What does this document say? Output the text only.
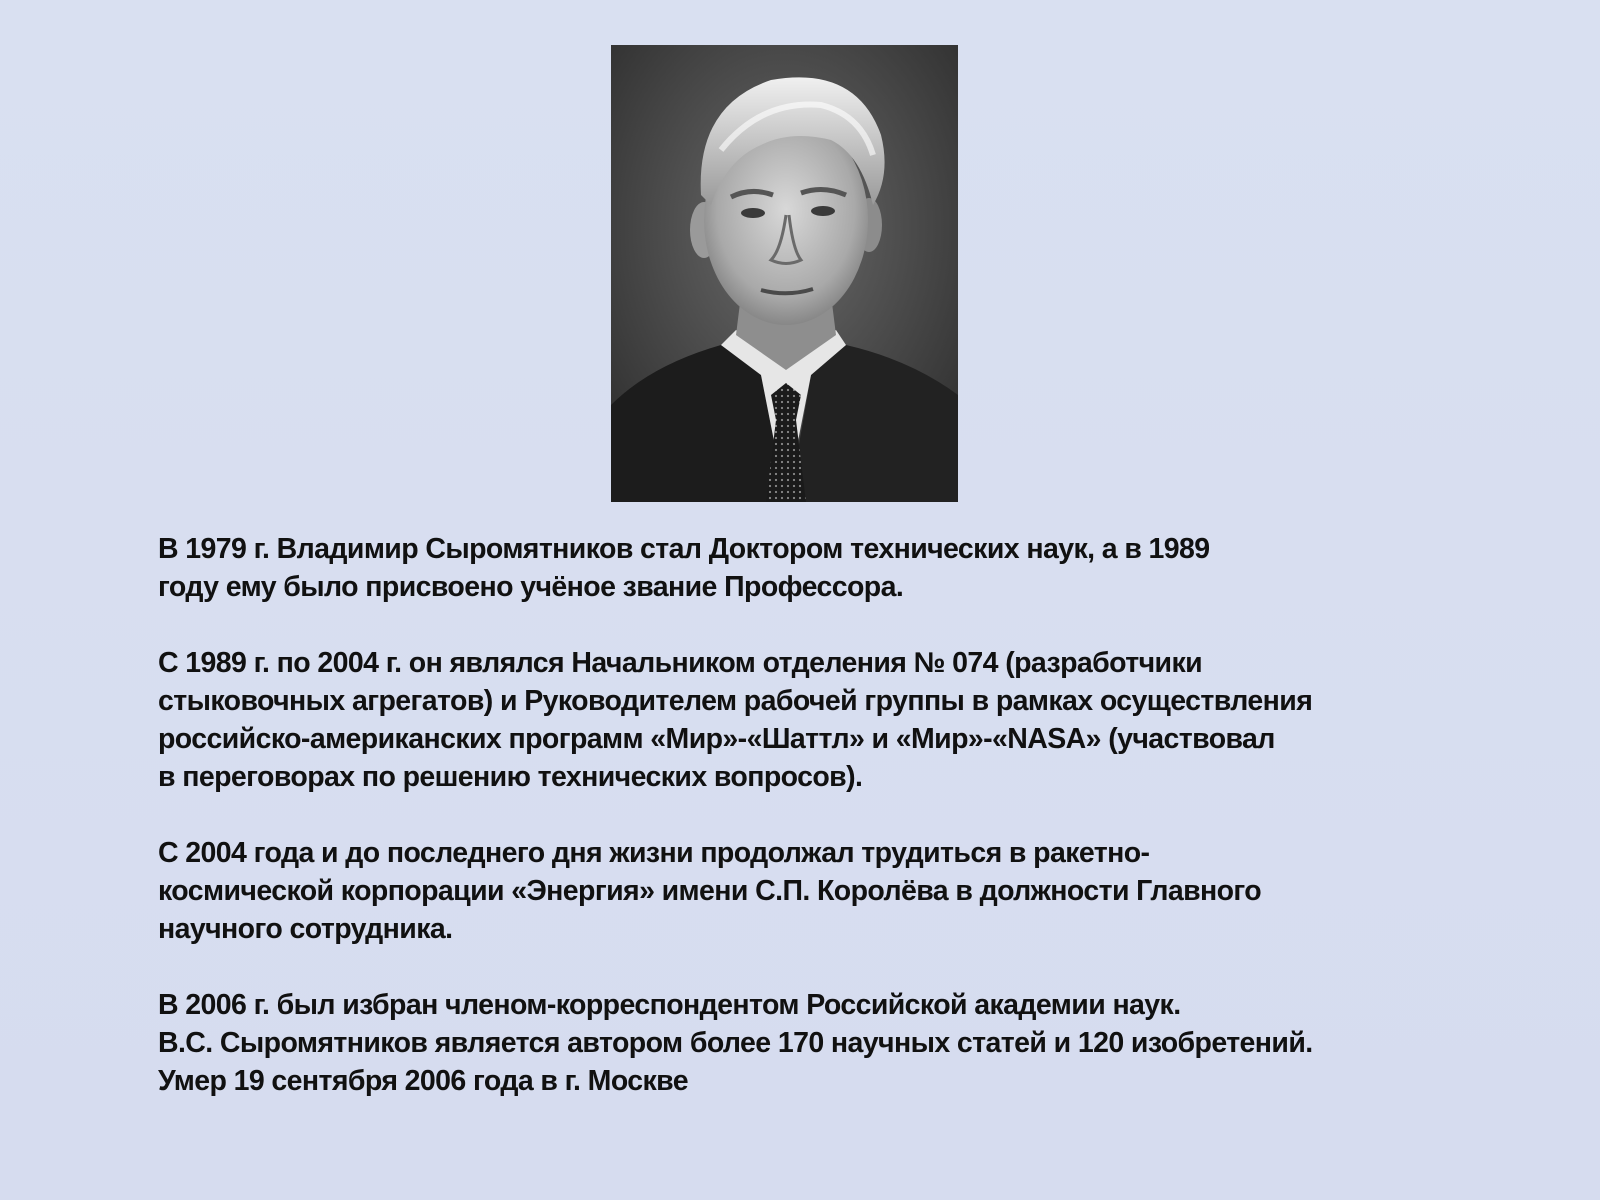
В 1979 г. Владимир Сыромятников стал Доктором технических наук, а в 1989
году ему было присвоено учёное звание Профессора.

С 1989 г. по 2004 г. он являлся Начальником отделения № 074 (разработчики
стыковочных агрегатов) и Руководителем рабочей группы в рамках осуществления
российско-американских программ «Мир»-«Шаттл» и «Мир»-«NASA» (участвовал
в переговорах по решению технических вопросов).

С 2004 года и до последнего дня жизни продолжал трудиться в ракетно-
космической корпорации «Энергия» имени С.П. Королёва в должности Главного
научного сотрудника.

В 2006 г. был избран членом-корреспондентом Российской академии наук.
В.С. Сыромятников является автором более 170 научных статей и 120 изобретений.
Умер 19 сентября 2006 года в г. Москве
